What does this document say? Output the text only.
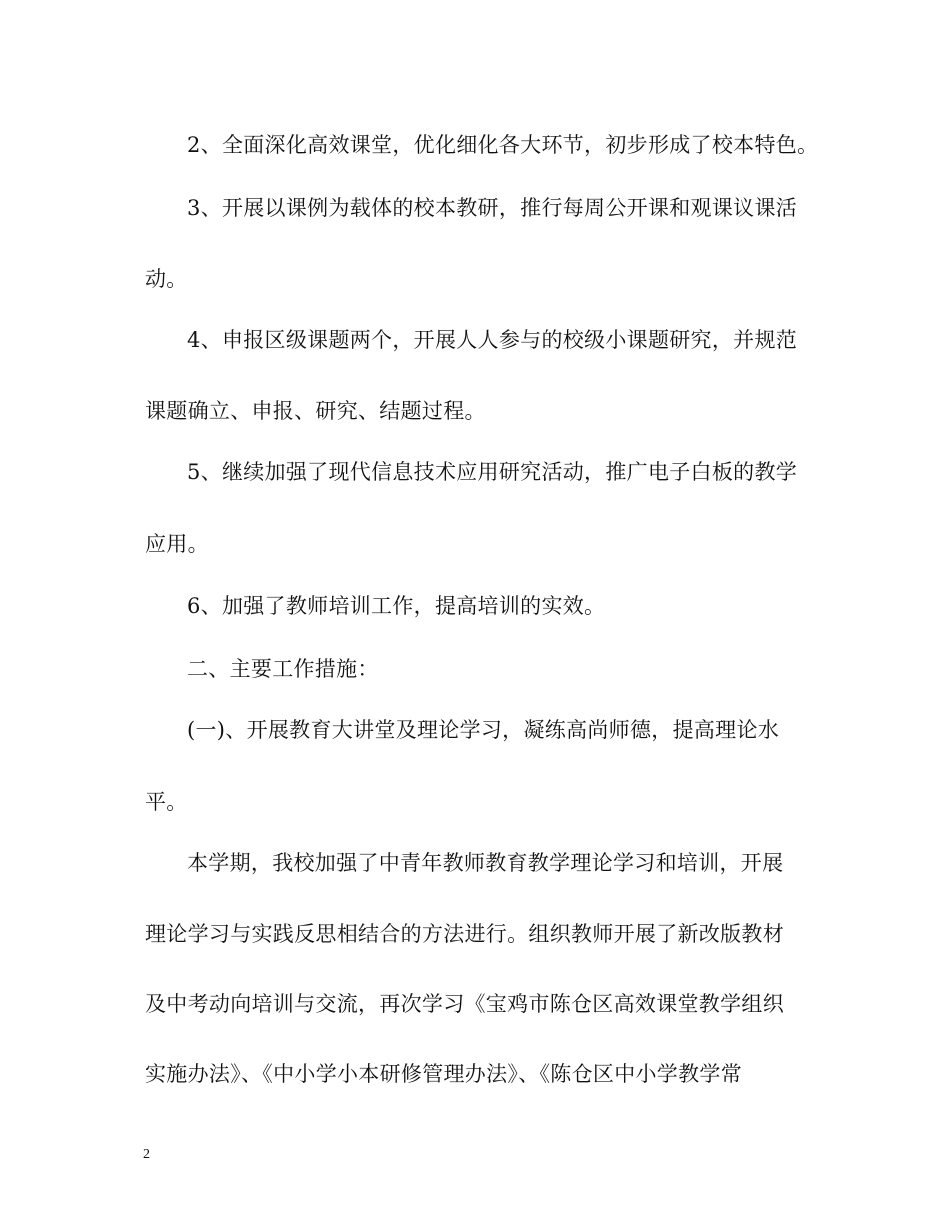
2、全面深化高效课堂，优化细化各大环节，初步形成了校本特色。
3、开展以课例为载体的校本教研，推行每周公开课和观课议课活
动。
4、申报区级课题两个，开展人人参与的校级小课题研究，并规范
课题确立、申报、研究、结题过程。
5、继续加强了现代信息技术应用研究活动，推广电子白板的教学
应用。
6、加强了教师培训工作，提高培训的实效。
二、主要工作措施：
(一)、开展教育大讲堂及理论学习，凝练高尚师德，提高理论水
平。
本学期，我校加强了中青年教师教育教学理论学习和培训，开展
理论学习与实践反思相结合的方法进行。组织教师开展了新改版教材
及中考动向培训与交流，再次学习《宝鸡市陈仓区高效课堂教学组织
实施办法》、《中小学小本研修管理办法》、《陈仓区中小学教学常
2
